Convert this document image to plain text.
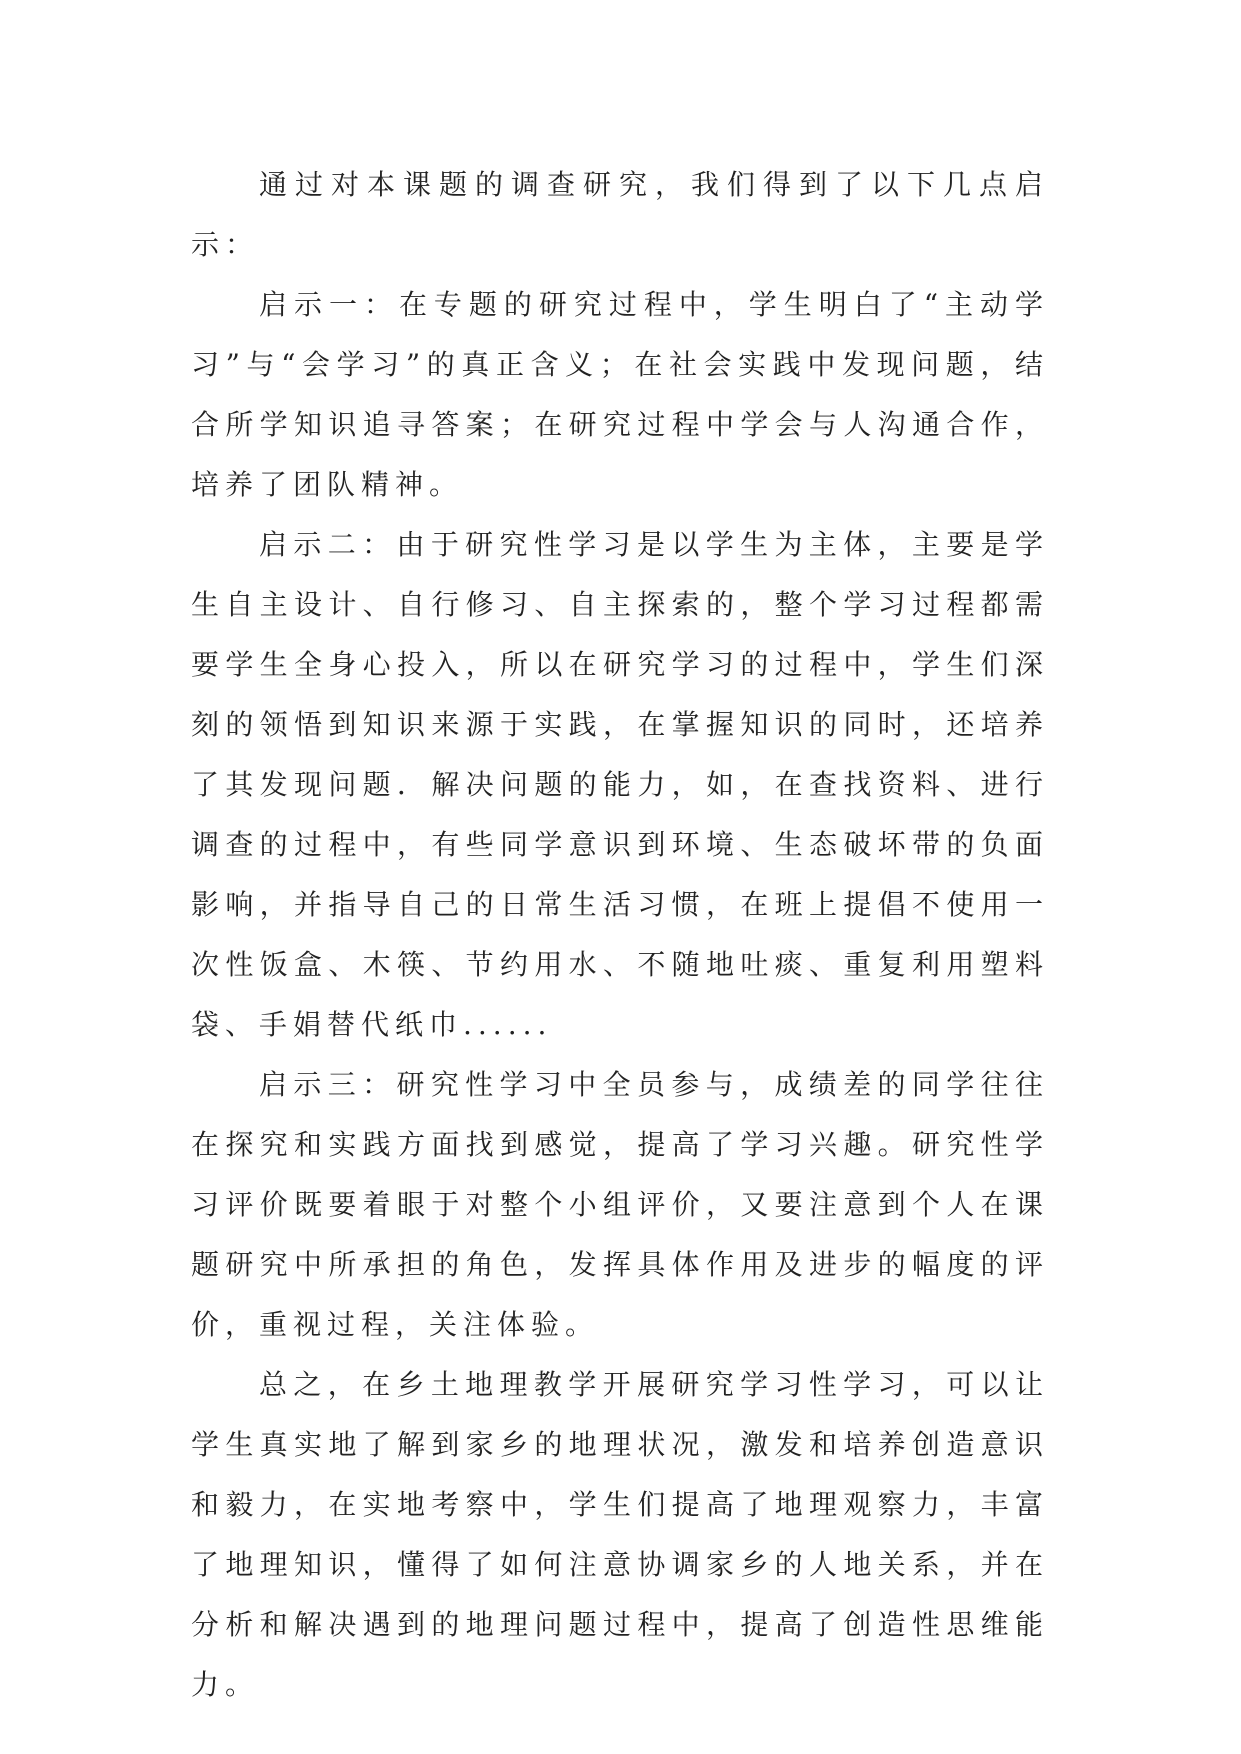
通过对本课题的调查研究，我们得到了以下几点启示：

启示一：在专题的研究过程中，学生明白了“主动学习”与“会学习”的真正含义；在社会实践中发现问题，结合所学知识追寻答案；在研究过程中学会与人沟通合作，培养了团队精神。

启示二：由于研究性学习是以学生为主体，主要是学生自主设计、自行修习、自主探索的，整个学习过程都需要学生全身心投入，所以在研究学习的过程中，学生们深刻的领悟到知识来源于实践，在掌握知识的同时，还培养了其发现问题．解决问题的能力，如，在查找资料、进行调查的过程中，有些同学意识到环境、生态破坏带的负面影响，并指导自己的日常生活习惯，在班上提倡不使用一次性饭盒、木筷、节约用水、不随地吐痰、重复利用塑料袋、手娟替代纸巾......

启示三：研究性学习中全员参与，成绩差的同学往往在探究和实践方面找到感觉，提高了学习兴趣。研究性学习评价既要着眼于对整个小组评价，又要注意到个人在课题研究中所承担的角色，发挥具体作用及进步的幅度的评价，重视过程，关注体验。

总之，在乡土地理教学开展研究学习性学习，可以让学生真实地了解到家乡的地理状况，激发和培养创造意识和毅力，在实地考察中，学生们提高了地理观察力，丰富了地理知识，懂得了如何注意协调家乡的人地关系，并在分析和解决遇到的地理问题过程中，提高了创造性思维能力。
